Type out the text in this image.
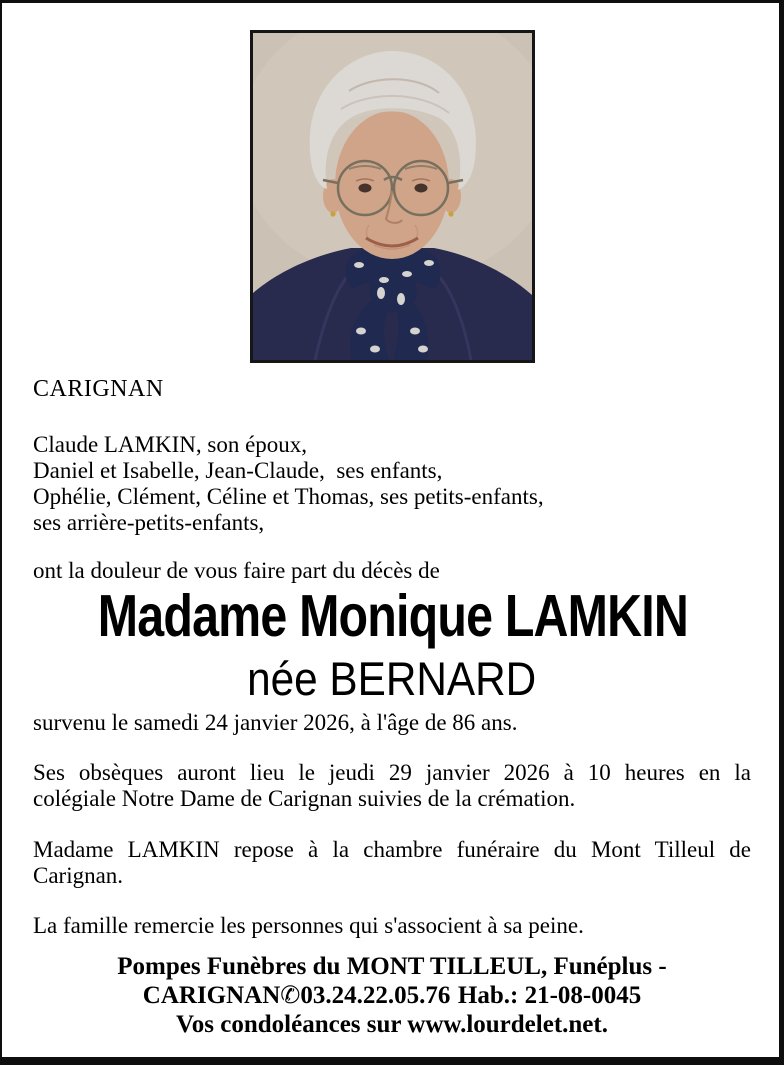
CARIGNAN
Claude LAMKIN, son époux,
Daniel et Isabelle, Jean-Claude,  ses enfants,
Ophélie, Clément, Céline et Thomas, ses petits-enfants,
ses arrière-petits-enfants,
ont la douleur de vous faire part du décès de
Madame Monique LAMKIN
née BERNARD
survenu le samedi 24 janvier 2026, à l'âge de 86 ans.
Ses obsèques auront lieu le jeudi 29 janvier 2026 à 10 heures en la
colégiale Notre Dame de Carignan suivies de la crémation.
Madame LAMKIN repose à la chambre funéraire du Mont Tilleul de
Carignan.
La famille remercie les personnes qui s'associent à sa peine.
Pompes Funèbres du MONT TILLEUL, Funéplus -
CARIGNAN✆03.24.22.05.76 Hab.: 21-08-0045
Vos condoléances sur www.lourdelet.net.
